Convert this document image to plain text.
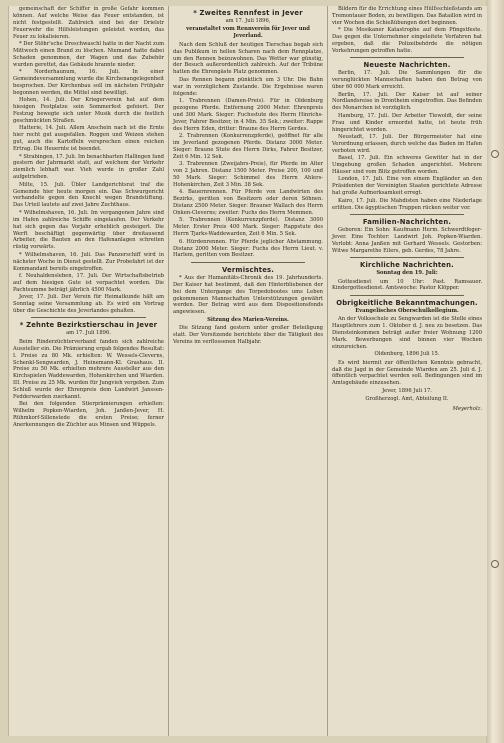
gemeinschaft der Schiffer in große Gefahr kommen können. Auf welche Weise das Feuer entstanden, ist nicht festgestellt. Zahlreich sind bei der Drielstr Feuerwehr die Hilfsleistungen geleistet worden, das Feuer zu lokalisieren.

* Der Stöhr'sche Dreschwaschl hatte in der Nacht zum Mittwoch einen Brand zu löschen. Niemand hatte dabei Schaden genommen, der Wagen und das Zubehör wurden gerettet, das Gebäude brannte nieder.

* Norderhaunum, 16. Juli. In einer Gemeindeversammlung wurde die Kirchenangelegenheit besprochen. Der Kirchenbau soll im nächsten Frühjahr begonnen werden, die Mittel sind bewilligt.

Hohen, 14. Juli. Der Kriegerverein hat auf dem hiesigen Festplatze sein Sommerfest gefeiert. Der Festzug bewegte sich unter Musik durch die festlich geschmückten Straßen.

Hatterie, 14. Juli. Allem Anschein nach ist die Ernte hier recht gut ausgefallen. Roggen und Weizen stehen gut, auch die Kartoffeln versprechen einen reichen Ertrag. Die Heuernte ist beendet.

* Strabingen, 17. Juli. Im benachbarten Hallingen fand gestern der Jahrmarkt statt, auf welchem der Verkehr ziemlich lebhaft war. Vieh wurde in großer Zahl aufgetrieben.

Milte, 15. Juli. Übler Landgerichtsrat traf die Gemeinde hier heute morgen ein. Das Schwurgericht verhandelte gegen den Knecht wegen Brandstiftung. Das Urteil lautete auf zwei Jahre Zuchthaus.

* Wilhelmshaven, 16. Juli. Im vergangenen Jahre sind im Hafen zahlreiche Schiffe eingelaufen. Der Verkehr hat sich gegen das Vorjahr erheblich gesteigert. Die Werft beschäftigt gegenwärtig über dreitausend Arbeiter, die Bauten an den Hafenanlagen schreiten rüstig vorwärts.

* Wilhelmshaven, 16. Juli. Das Panzerschiff wird in nächster Woche in Dienst gestellt. Zur Probefahrt ist der Kommandant bereits eingetroffen.

f. Neuhaldensleben, 17. Juli. Der Wirtschaftsbetrieb auf dem hiesigen Gute ist verpachtet worden. Die Pachtsumme beträgt jährlich 4500 Mark.

Jever, 17. Juli. Der Verein für Heimatkunde hält am Sonntag seine Versammlung ab. Es wird ein Vortrag über die Geschichte des Jeverlandes gehalten.

* Zehnte Bezirkstierschau in Jever
am 17. Juli 1896.

Beim Rinderzüchterverband fanden sich zahlreiche Aussteller ein. Die Prämierung ergab folgendes Resultat: I. Preise zu 80 Mk. erhielten: W. Wessels-Cleverns, Schenkl-Sengwarden, J. Heinemann-Kl. Grashaus. II. Preise zu 50 Mk. erhielten mehrere Aussteller aus den Kirchspielen Waddewarden, Hohenkirchen und Wiarden. III. Preise zu 25 Mk. wurden für Jungvieh vergeben. Zum Schluß wurde der Ehrenpreis dem Landwirt Janssen-Fedderwarden zuerkannt.

Bei den folgenden Stierprämierungen erhielten: Wilhelm Popken-Wiarden, Joh. Janßen-Jever, H. Rühmkorf-Sillenstede die ersten Preise; ferner Anerkennungen die Züchter aus Minsen und Wüppels.

* Zweites Rennfest in Jever
am 17. Juli 1896,
veranstaltet vom Rennverein für Jever und Jeverland.

Nach dem Schluß der heutigen Tierschau begab sich das Publikum in hellen Scharen nach dem Rennplatze, um den Rennen beizuwohnen. Das Wetter war günstig, der Besuch außerordentlich zahlreich. Auf der Tribüne hatten die Ehrengäste Platz genommen.

Das Rennen begann pünktlich um 3 Uhr. Die Bahn war in vorzüglichem Zustande. Die Ergebnisse waren folgende:

1. Trabrennen (Damen-Preis). Für in Oldenburg gezogene Pferde. Entfernung 2000 Meter. Ehrenpreis und 300 Mark. Sieger: Fuchsstute des Herrn Hinrichs-Jever, Fahrer Besitzer, in 4 Min. 35 Sek.; zweiter: Rappe des Herrn Eden, dritter: Braune des Herrn Gerdes.

2. Trabrennen (Konkurrenzpferde), geöffnet für alle im Jeverland gezogenen Pferde. Distanz 3000 Meter. Sieger: Braune Stute des Herrn Dirks, Fahrer Besitzer, Zeit 6 Min. 12 Sek.

3. Trabrennen (Zweijahrs-Preis), für Pferde im Alter von 2 Jahren. Distanz 1500 Meter. Preise 200, 100 und 50 Mark. Sieger: Schimmel des Herrn Ahlers-Hohenkirchen, Zeit 3 Min. 38 Sek.

4. Bauernrennen. Für Pferde von Landwirten des Bezirks, geritten von Besitzern oder deren Söhnen. Distanz 2500 Meter. Sieger: Brauner Wallach des Herrn Onken-Cleverns; zweiter: Fuchs des Herrn Memmen.

5. Trabrennen (Konkurrenzpferde). Distanz 3000 Meter. Erster Preis 400 Mark. Sieger: Rappstute des Herrn Tjarks-Waddewarden, Zeit 6 Min. 5 Sek.

6. Hürdenrennen. Für Pferde jeglicher Abstammung. Distanz 2000 Meter. Sieger: Fuchs des Herrn Lieut. v. Harlem, geritten vom Besitzer.

Vermischtes.

* Aus der Humanitäts-Chronik des 19. Jahrhunderts. Der Kaiser hat bestimmt, daß den Hinterbliebenen der bei dem Untergange des Torpedobootes ums Leben gekommenen Mannschaften Unterstützungen gewährt werden. Der Betrag wird aus dem Dispositionsfonds angewiesen.

Sitzung des Marien-Vereins.

Die Sitzung fand gestern unter großer Beteiligung statt. Der Vorsitzende berichtete über die Tätigkeit des Vereins im verflossenen Halbjahr.

Bildern für die Errichtung eines Hülfsschießstands am Tremontauer Boden, zu bewilligen. Das Bataillon wird in vier Wochen die Schießübungen dort beginnen.

* Die Mosikaner Katastrophe auf dem Pfingstfeste. Das gegen die Unternehmer eingeleitete Verfahren hat ergeben, daß die Polizeibehörde die nötigen Vorkehrungen getroffen hatte.

Neueste Nachrichten.

Berlin, 17. Juli. Die Sammlungen für die verunglückten Mannschaften haben den Betrag von über 60 000 Mark erreicht.

Berlin, 17. Juli. Der Kaiser ist auf seiner Nordlandsreise in Drontheim eingetroffen. Das Befinden des Monarchen ist vorzüglich.

Hamburg, 17. Juli. Der Arbeiter Tiewoldt, der seine Frau und Kinder ermordet hatte, ist heute früh hingerichtet worden.

Neustadt, 17. Juli. Der Bürgermeister hat eine Verordnung erlassen, durch welche das Baden im Hafen verboten wird.

Basel, 17. Juli. Ein schweres Gewitter hat in der Umgebung großen Schaden angerichtet. Mehrere Häuser sind vom Blitz getroffen worden.

London, 17. Juli. Eine von einem Engländer an den Präsidenten der Vereinigten Staaten gerichtete Adresse hat große Aufmerksamkeit erregt.

Kairo, 17. Juli. Die Mahdisten haben eine Niederlage erlitten. Die ägyptischen Truppen rücken weiter vor.

Familien-Nachrichten.

Geboren: Ein Sohn: Kaufmann Herm. Schwerdtfeger-Jever. Eine Tochter: Landwirt Joh. Popken-Wiarden. Verlobt: Anna Janßen mit Gerhard Wessels. Gestorben: Witwe Margarethe Eilers, geb. Gerdes, 78 Jahre.

Kirchliche Nachrichten.
Sonntag den 19. Juli:

Gottesdienst um 10 Uhr: Past. Ramsauer. Kindergottesdienst. Amtswoche: Pastor Klöpper.

Obrigkeitliche Bekanntmachungen.
Evangelisches Oberschulkollegium.

An der Volksschule zu Sengwarden ist die Stelle eines Hauptlehrers zum 1. Oktober d. J. neu zu besetzen. Das Diensteinkommen beträgt außer freier Wohnung 1200 Mark. Bewerbungen sind binnen vier Wochen einzureichen.

Oldenburg, 1896 Juli 15.

Es wird hiermit zur öffentlichen Kenntnis gebracht, daß die Jagd in der Gemeinde Wiarden am 25. Juli d. J. öffentlich verpachtet werden soll. Bedingungen sind im Amtsgebäude einzusehen.

Jever, 1896 Juli 17.
Großherzogl. Amt, Abteilung II.
Meyerholz.
